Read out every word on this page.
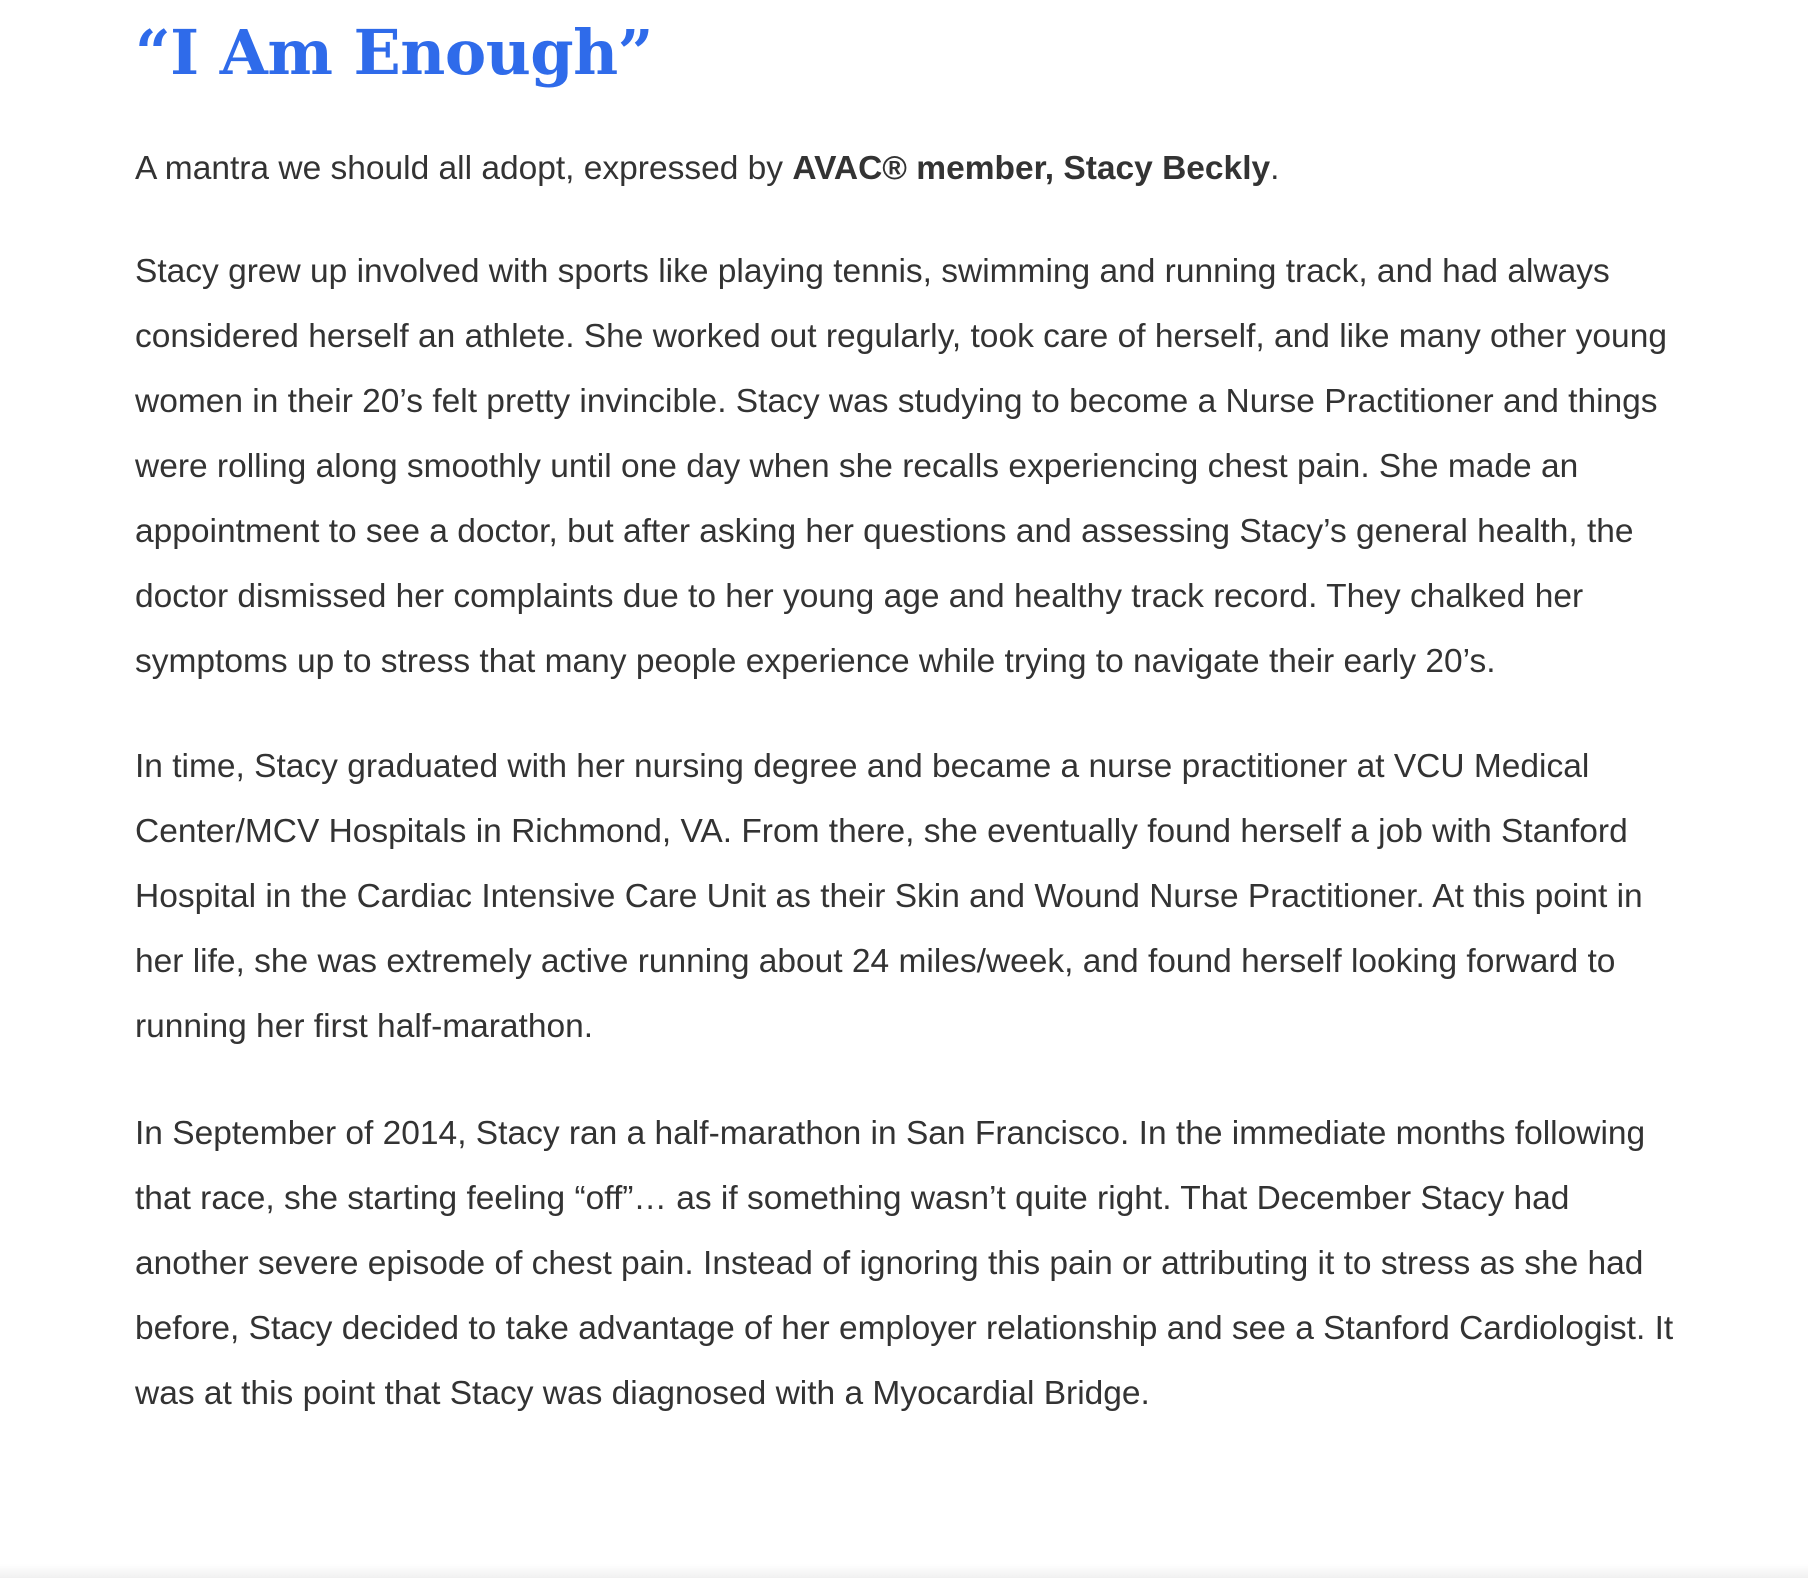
“I Am Enough”

A mantra we should all adopt, expressed by AVAC® member, Stacy Beckly.

Stacy grew up involved with sports like playing tennis, swimming and running track, and had always considered herself an athlete. She worked out regularly, took care of herself, and like many other young women in their 20’s felt pretty invincible. Stacy was studying to become a Nurse Practitioner and things were rolling along smoothly until one day when she recalls experiencing chest pain. She made an appointment to see a doctor, but after asking her questions and assessing Stacy’s general health, the doctor dismissed her complaints due to her young age and healthy track record. They chalked her symptoms up to stress that many people experience while trying to navigate their early 20’s.

In time, Stacy graduated with her nursing degree and became a nurse practitioner at VCU Medical Center/MCV Hospitals in Richmond, VA. From there, she eventually found herself a job with Stanford Hospital in the Cardiac Intensive Care Unit as their Skin and Wound Nurse Practitioner. At this point in her life, she was extremely active running about 24 miles/week, and found herself looking forward to running her first half-marathon.

In September of 2014, Stacy ran a half-marathon in San Francisco. In the immediate months following that race, she starting feeling “off”… as if something wasn’t quite right. That December Stacy had another severe episode of chest pain. Instead of ignoring this pain or attributing it to stress as she had before, Stacy decided to take advantage of her employer relationship and see a Stanford Cardiologist. It was at this point that Stacy was diagnosed with a Myocardial Bridge.
